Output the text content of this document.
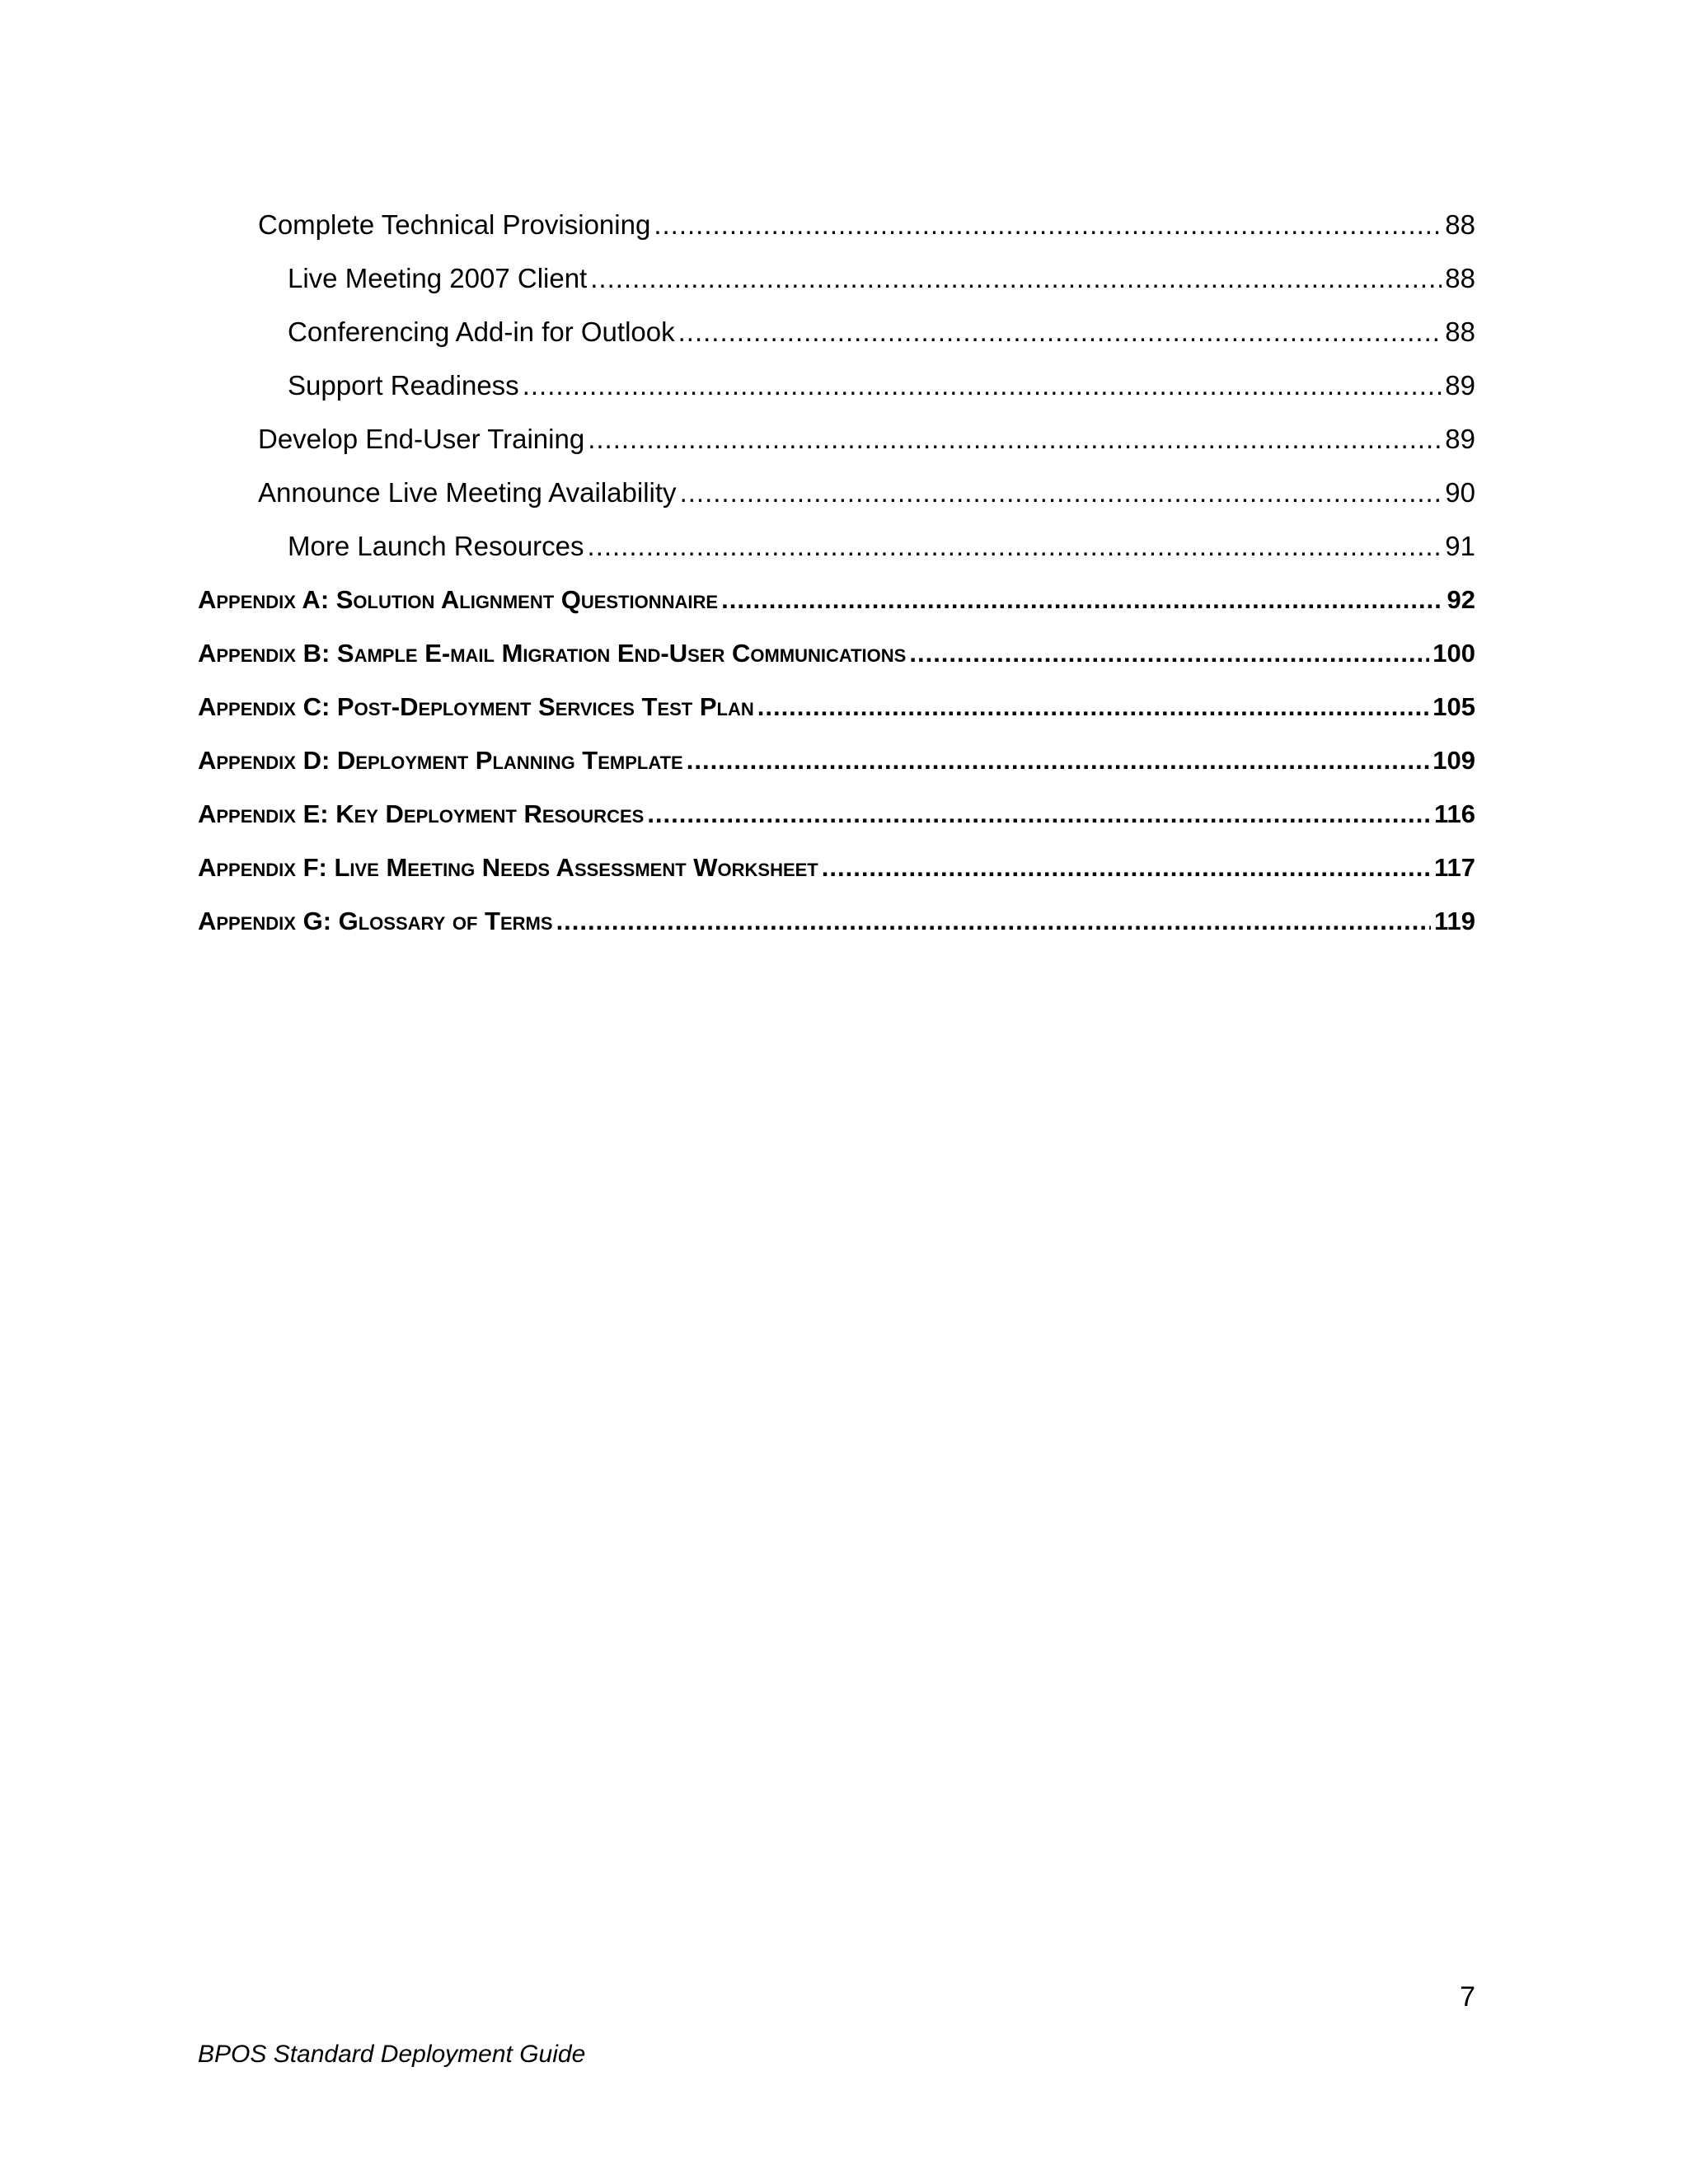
Complete Technical Provisioning .....	88
Live Meeting 2007 Client .....	88
Conferencing Add-in for Outlook .....	88
Support Readiness .....	89
Develop End-User Training .....	89
Announce Live Meeting Availability .....	90
More Launch Resources .....	91
Appendix A: Solution Alignment Questionnaire .....	92
Appendix B: Sample E-mail Migration End-User Communications .....	100
Appendix C: Post-Deployment Services Test Plan .....	105
Appendix D: Deployment Planning Template .....	109
Appendix E: Key Deployment Resources .....	116
Appendix F: Live Meeting Needs Assessment Worksheet .....	117
Appendix G: Glossary of Terms .....	119
7
BPOS Standard Deployment Guide
